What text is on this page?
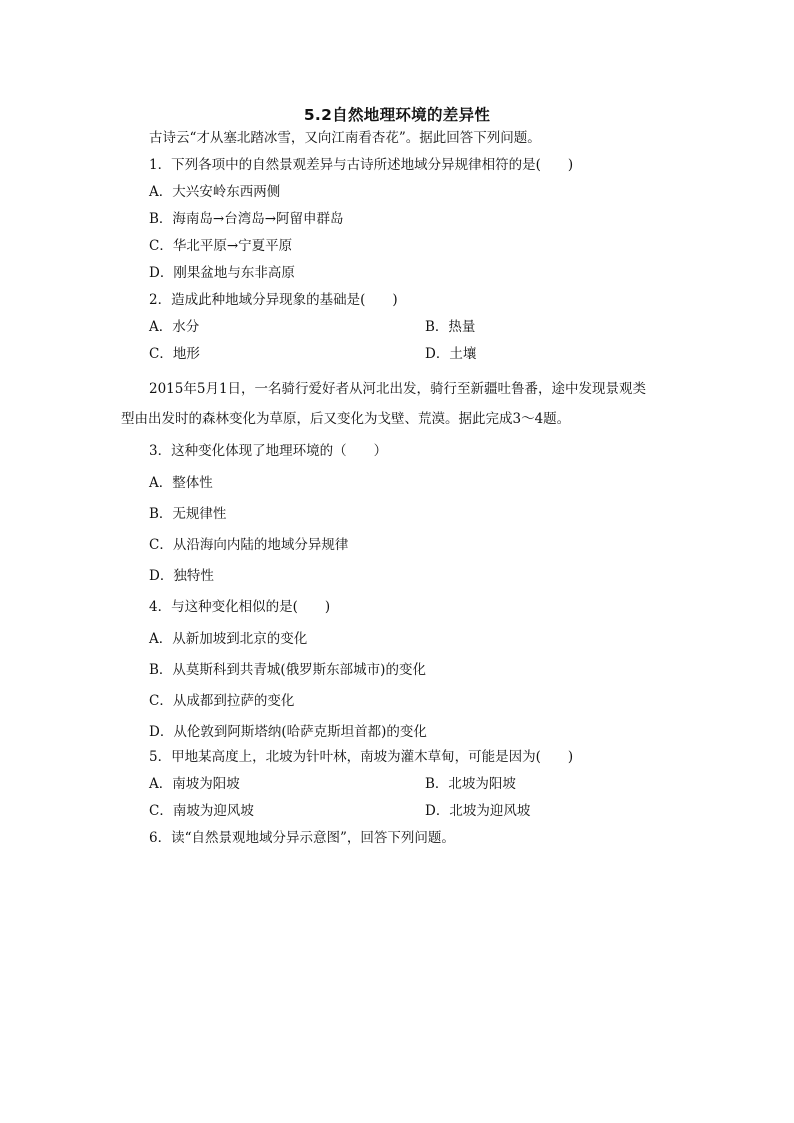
5.2自然地理环境的差异性
古诗云“才从塞北踏冰雪，又向江南看杏花”。据此回答下列问题。
1．下列各项中的自然景观差异与古诗所述地域分异规律相符的是(　　)
A．大兴安岭东西两侧
B．海南岛→台湾岛→阿留申群岛
C．华北平原→宁夏平原
D．刚果盆地与东非高原
2．造成此种地域分异现象的基础是(　　)
A．水分	B．热量
C．地形	D．土壤
2015年5月1日，一名骑行爱好者从河北出发，骑行至新疆吐鲁番，途中发现景观类
型由出发时的森林变化为草原，后又变化为戈壁、荒漠。据此完成3～4题。
3．这种变化体现了地理环境的（　　）
A．整体性
B．无规律性
C．从沿海向内陆的地域分异规律
D．独特性
4．与这种变化相似的是(　　)
A．从新加坡到北京的变化
B．从莫斯科到共青城(俄罗斯东部城市)的变化
C．从成都到拉萨的变化
D．从伦敦到阿斯塔纳(哈萨克斯坦首都)的变化
5．甲地某高度上，北坡为针叶林，南坡为灌木草甸，可能是因为(　　)
A．南坡为阳坡	B．北坡为阳坡
C．南坡为迎风坡	D．北坡为迎风坡
6．读“自然景观地域分异示意图”，回答下列问题。
